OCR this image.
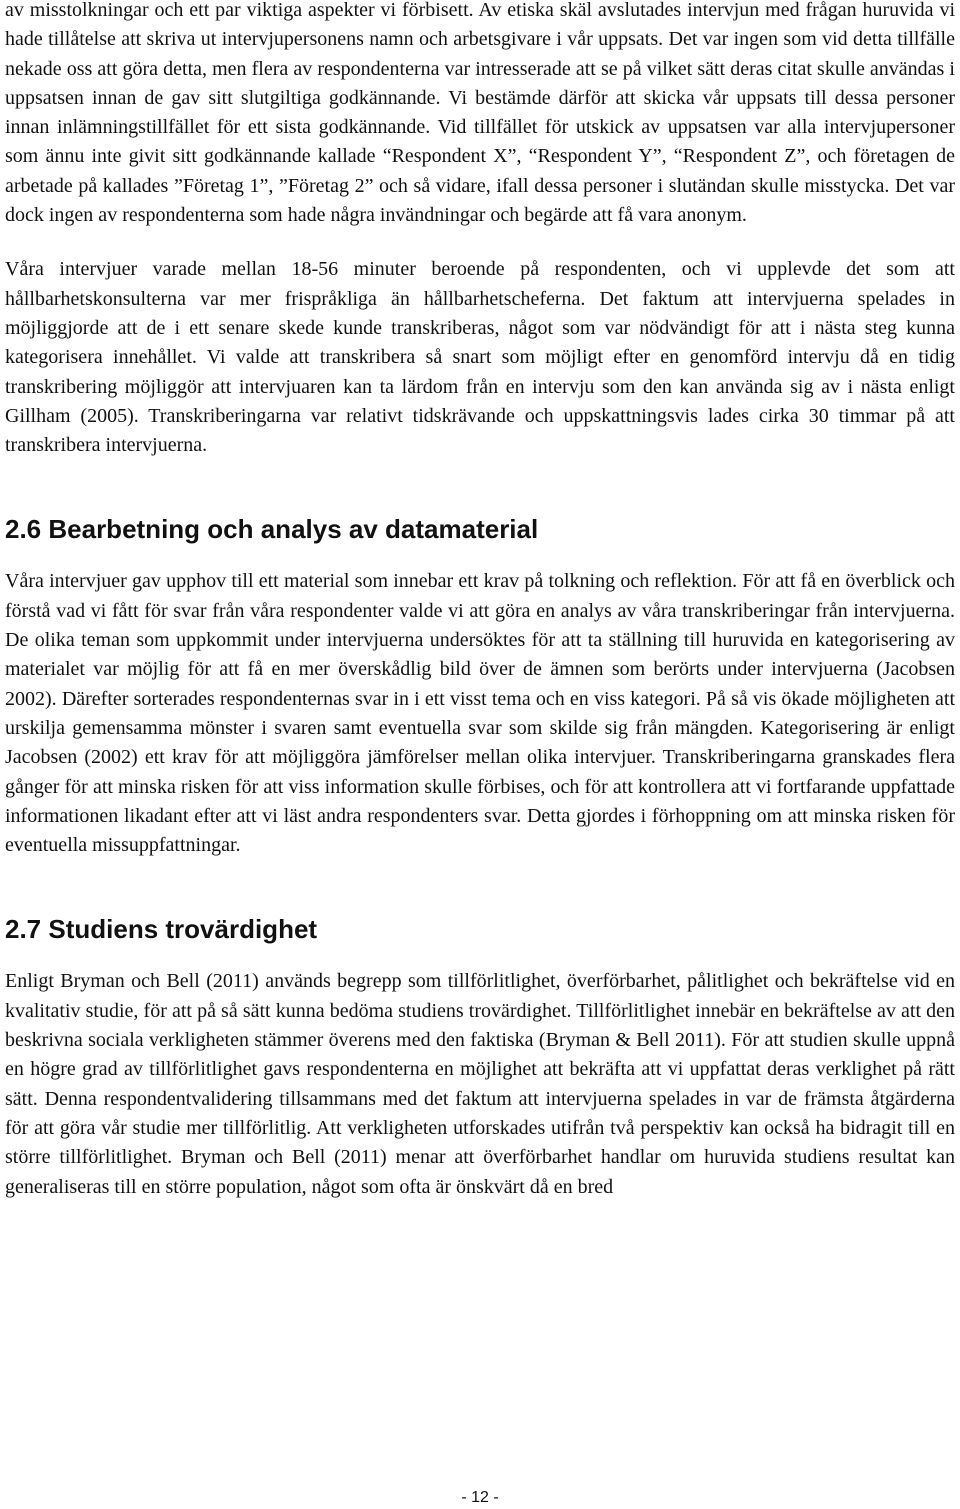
av misstolkningar och ett par viktiga aspekter vi förbisett. Av etiska skäl avslutades intervjun med frågan huruvida vi hade tillåtelse att skriva ut intervjupersonens namn och arbetsgivare i vår uppsats. Det var ingen som vid detta tillfälle nekade oss att göra detta, men flera av respondenterna var intresserade att se på vilket sätt deras citat skulle användas i uppsatsen innan de gav sitt slutgiltiga godkännande. Vi bestämde därför att skicka vår uppsats till dessa personer innan inlämningstillfället för ett sista godkännande. Vid tillfället för utskick av uppsatsen var alla intervjupersoner som ännu inte givit sitt godkännande kallade “Respondent X”, “Respondent Y”, “Respondent Z”, och företagen de arbetade på kallades ”Företag 1”, ”Företag 2” och så vidare, ifall dessa personer i slutändan skulle misstycka. Det var dock ingen av respondenterna som hade några invändningar och begärde att få vara anonym.

Våra intervjuer varade mellan 18-56 minuter beroende på respondenten, och vi upplevde det som att hållbarhetskonsulterna var mer frispråkliga än hållbarhetscheferna. Det faktum att intervjuerna spelades in möjliggjorde att de i ett senare skede kunde transkriberas, något som var nödvändigt för att i nästa steg kunna kategorisera innehållet. Vi valde att transkribera så snart som möjligt efter en genomförd intervju då en tidig transkribering möjliggör att intervjuaren kan ta lärdom från en intervju som den kan använda sig av i nästa enligt Gillham (2005). Transkriberingarna var relativt tidskrävande och uppskattningsvis lades cirka 30 timmar på att transkribera intervjuerna.

2.6 Bearbetning och analys av datamaterial

Våra intervjuer gav upphov till ett material som innebar ett krav på tolkning och reflektion. För att få en överblick och förstå vad vi fått för svar från våra respondenter valde vi att göra en analys av våra transkriberingar från intervjuerna. De olika teman som uppkommit under intervjuerna undersöktes för att ta ställning till huruvida en kategorisering av materialet var möjlig för att få en mer överskådlig bild över de ämnen som berörts under intervjuerna (Jacobsen 2002). Därefter sorterades respondenternas svar in i ett visst tema och en viss kategori. På så vis ökade möjligheten att urskilja gemensamma mönster i svaren samt eventuella svar som skilde sig från mängden. Kategorisering är enligt Jacobsen (2002) ett krav för att möjliggöra jämförelser mellan olika intervjuer. Transkriberingarna granskades flera gånger för att minska risken för att viss information skulle förbises, och för att kontrollera att vi fortfarande uppfattade informationen likadant efter att vi läst andra respondenters svar. Detta gjordes i förhoppning om att minska risken för eventuella missuppfattningar.

2.7 Studiens trovärdighet

Enligt Bryman och Bell (2011) används begrepp som tillförlitlighet, överförbarhet, pålitlighet och bekräftelse vid en kvalitativ studie, för att på så sätt kunna bedöma studiens trovärdighet. Tillförlitlighet innebär en bekräftelse av att den beskrivna sociala verkligheten stämmer överens med den faktiska (Bryman & Bell 2011). För att studien skulle uppnå en högre grad av tillförlitlighet gavs respondenterna en möjlighet att bekräfta att vi uppfattat deras verklighet på rätt sätt. Denna respondentvalidering tillsammans med det faktum att intervjuerna spelades in var de främsta åtgärderna för att göra vår studie mer tillförlitlig. Att verkligheten utforskades utifrån två perspektiv kan också ha bidragit till en större tillförlitlighet. Bryman och Bell (2011) menar att överförbarhet handlar om huruvida studiens resultat kan generaliseras till en större population, något som ofta är önskvärt då en bred

- 12 -
